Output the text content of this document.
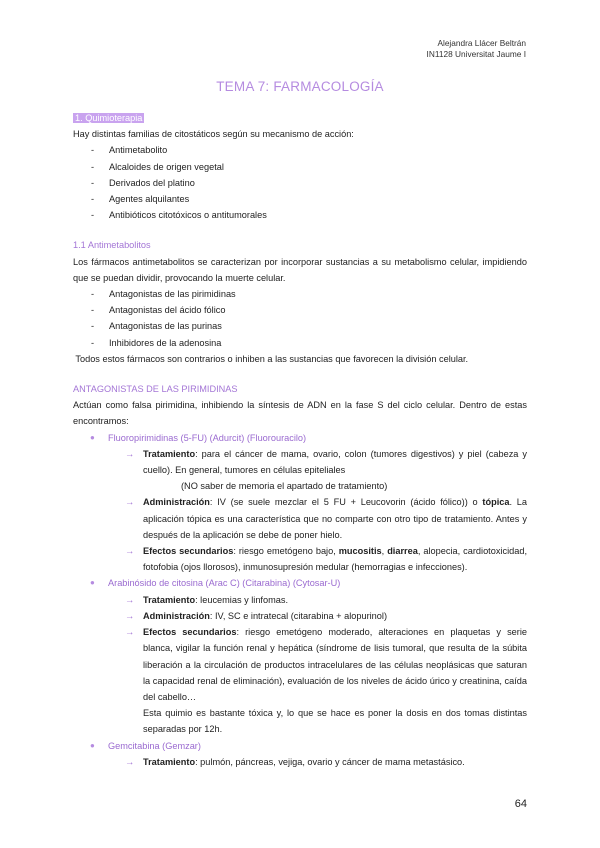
Alejandra Llácer Beltrán
IN1128 Universitat Jaume I
TEMA 7: FARMACOLOGÍA

1. Quimioterapia

Hay distintas familias de citostáticos según su mecanismo de acción:

- Antimetabolito
- Alcaloides de origen vegetal
- Derivados del platino
- Agentes alquilantes
- Antibióticos citotóxicos o antitumorales

1.1 Antimetabolitos

Los fármacos antimetabolitos se caracterizan por incorporar sustancias a su metabolismo celular, impidiendo que se puedan dividir, provocando la muerte celular.

- Antagonistas de las pirimidinas
- Antagonistas del ácido fólico
- Antagonistas de las purinas
- Inhibidores de la adenosina

Todos estos fármacos son contrarios o inhiben a las sustancias que favorecen la división celular.

ANTAGONISTAS DE LAS PIRIMIDINAS

Actúan como falsa pirimidina, inhibiendo la síntesis de ADN en la fase S del ciclo celular. Dentro de estas encontramos:

● Fluoropirimidinas (5-FU) (Adurcit) (Fluorouracilo)
→ Tratamiento: para el cáncer de mama, ovario, colon (tumores digestivos) y piel (cabeza y cuello). En general, tumores en células epiteliales
(NO saber de memoria el apartado de tratamiento)
→ Administración: IV (se suele mezclar el 5 FU + Leucovorin (ácido fólico)) o tópica. La aplicación tópica es una característica que no comparte con otro tipo de tratamiento. Antes y después de la aplicación se debe de poner hielo.
→ Efectos secundarios: riesgo emetógeno bajo, mucositis, diarrea, alopecia, cardiotoxicidad, fotofobia (ojos llorosos), inmunosupresión medular (hemorragias e infecciones).
● Arabinósido de citosina (Arac C) (Citarabina) (Cytosar-U)
→ Tratamiento: leucemias y linfomas.
→ Administración: IV, SC e intratecal (citarabina + alopurinol)
→ Efectos secundarios: riesgo emetógeno moderado, alteraciones en plaquetas y serie blanca, vigilar la función renal y hepática (síndrome de lisis tumoral, que resulta de la súbita liberación a la circulación de productos intracelulares de las células neoplásicas que saturan la capacidad renal de eliminación), evaluación de los niveles de ácido úrico y creatinina, caída del cabello…
Esta quimio es bastante tóxica y, lo que se hace es poner la dosis en dos tomas distintas separadas por 12h.
● Gemcitabina (Gemzar)
→ Tratamiento: pulmón, páncreas, vejiga, ovario y cáncer de mama metastásico.
64
